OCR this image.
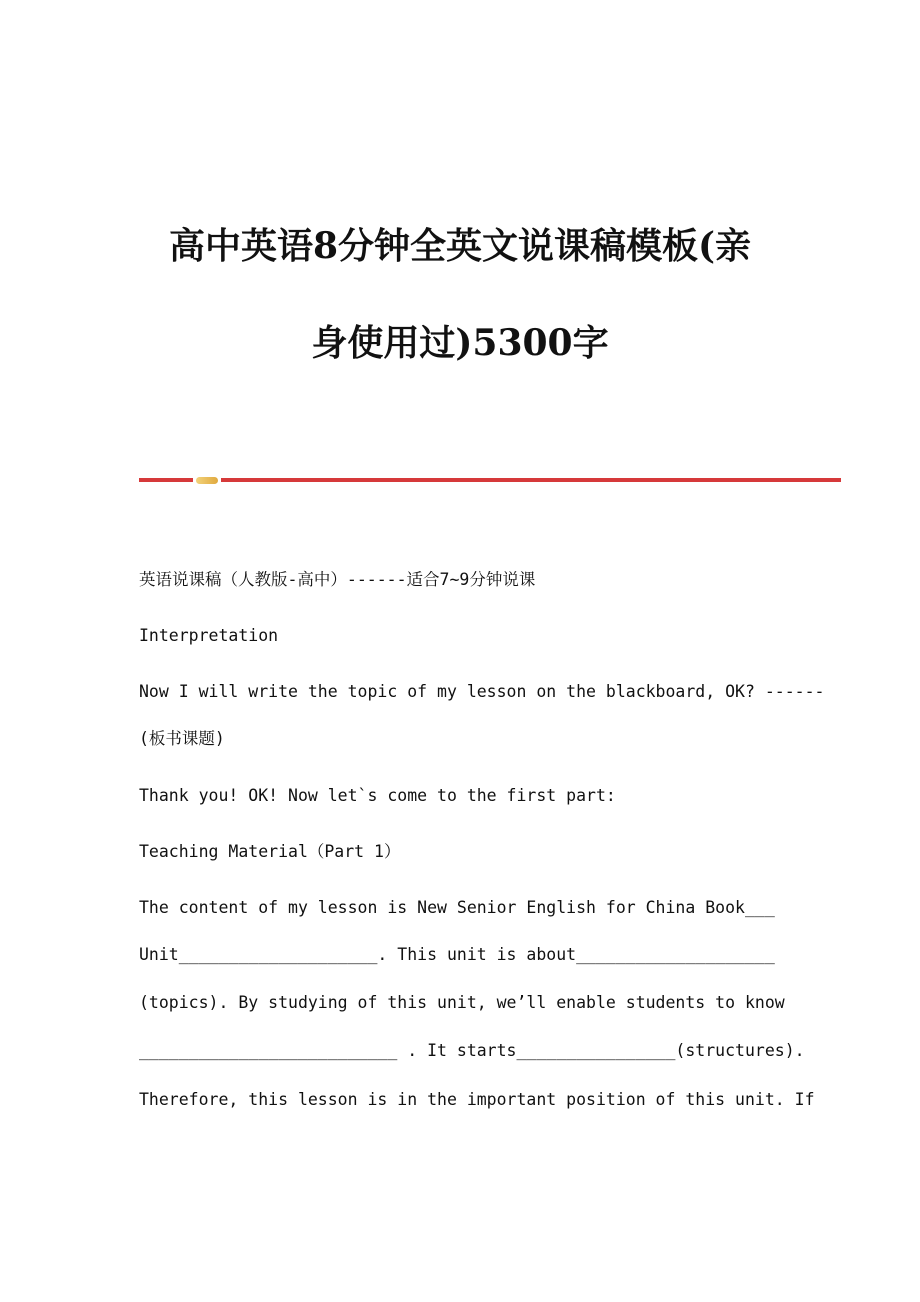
高中英语8分钟全英文说课稿模板(亲
身使用过)5300字
英语说课稿（人教版-高中）------适合7~9分钟说课
Interpretation
Now I will write the topic of my lesson on the blackboard, OK? ------
(板书课题)
Thank you! OK! Now let`s come to the first part:
Teaching Material（Part 1）
The content of my lesson is New Senior English for China Book___
Unit____________________. This unit is about____________________
(topics). By studying of this unit, we’ll enable students to know
__________________________ . It starts________________(structures).
Therefore, this lesson is in the important position of this unit. If
